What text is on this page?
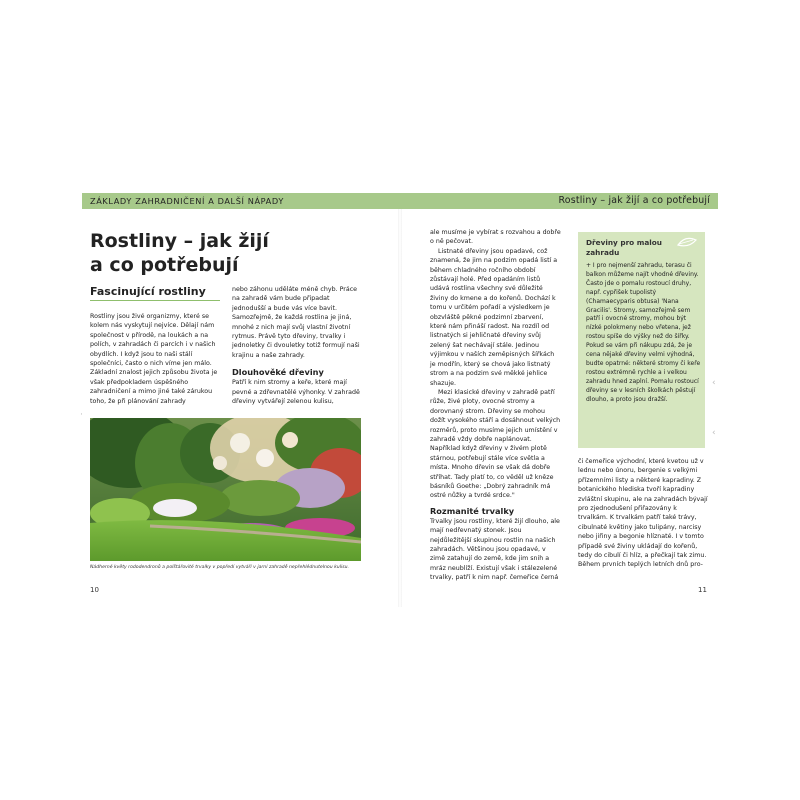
ZÁKLADY ZAHRADNIČENÍ A DALŠÍ NÁPADY	Rostliny – jak žijí a co potřebují
Rostliny – jak žijí
a co potřebují
Fascinující rostliny

Rostliny jsou živé organizmy, které se kolem nás vyskytují nejvíce. Dělají nám společnost v přírodě, na loukách a na polích, v zahradách či parcích i v našich obydlích. I když jsou to naši stálí společníci, často o nich víme jen málo. Základní znalost jejich způsobu života je však předpokladem úspěšného zahradničení a mimo jiné také zárukou toho, že při plánování zahrady

nebo záhonu uděláte méně chyb. Práce na zahradě vám bude připadat jednodušší a bude vás více bavit. Samozřejmě, že každá rostlina je jiná, mnohé z nich mají svůj vlastní životní rytmus. Právě tyto dřeviny, trvalky i jednoletky či dvouletky totiž formují naši krajinu a naše zahrady.

Dlouhověké dřeviny

Patří k nim stromy a keře, které mají pevné a zdřevnatělé výhonky. V zahradě dřeviny vytvářejí zelenou kulisu,

Nádherné květy rododendronů a polštářovité trvalky v popředí vytváří v jarní zahradě nepřehlédnutelnou kulisu.
10

ale musíme je vybírat s rozvahou a dobře o ně pečovat.

Listnaté dřeviny jsou opadavé, což znamená, že jim na podzim opadá listí a během chladného ročního období zůstávají holé. Před opadáním listů udává rostlina všechny své důležité živiny do kmene a do kořenů. Dochází k tomu v určitém pořadí a výsledkem je obzvláště pěkné podzimní zbarvení, které nám přináší radost. Na rozdíl od listnatých si jehličnaté dřeviny svůj zelený šat nechávají stále. Jedinou výjimkou v naších zeměpisných šířkách je modřín, který se chová jako listnatý strom a na podzim své měkké jehlice shazuje.

Mezi klasické dřeviny v zahradě patří růže, živé ploty, ovocné stromy a dorovnaný strom. Dřeviny se mohou dožít vysokého stáří a dosáhnout velkých rozměrů, proto musíme jejich umístění v zahradě vždy dobře naplánovat. Například když dřeviny v živém plotě stárnou, potřebují stále více světla a místa. Mnoho dřevin se však dá dobře stříhat. Tady platí to, co věděl už kněze básníků Goethe: „Dobrý zahradník má ostré nůžky a tvrdé srdce."

Rozmanité trvalky

Trvalky jsou rostliny, které žijí dlouho, ale mají nedřevnatý stonek. Jsou nejdůležitější skupinou rostlin na našich zahradách. Většinou jsou opadavé, v zimě zatahují do země, kde jim snih a mráz neublíží. Existují však i stálezelené trvalky, patří k nim např. čemeřice černá

Dřeviny pro malou
zahradu
+ I pro nejmenší zahradu, terasu či balkon můžeme najít vhodné dřeviny. Často jde o pomalu rostoucí druhy, např. cypřišek tupolistý (Chamaecyparis obtusa) 'Nana Gracilis'. Stromy, samozřejmě sem patří i ovocné stromy, mohou být nízké polokmeny nebo vřetena, jež rostou spíše do výšky než do šířky. Pokud se vám při nákupu zdá, že je cena nějaké dřeviny velmi výhodná, budte opatrné: některé stromy či keře rostou extrémně rychle a i velkou zahradu hned zaplní. Pomalu rostoucí dřeviny se v lesních školkách pěstují dlouho, a proto jsou dražší.

či čemeřice východní, které kvetou už v lednu nebo únoru, bergenie s velkými přízemními listy a některé kapradiny. Z botanického hlediska tvoří kapradiny zvláštní skupinu, ale na zahradách bývají pro zjednodušení přiřazovány k trvalkám. K trvalkám patří také trávy, cibulnaté květiny jako tulipány, narcisy nebo jiřiny a begonie hlíznaté. I v tomto případě své živiny ukládají do kořenů, tedy do cibulí či hlíz, a přečkají tak zimu. Během prvních teplých letních dnů pro-

11
‹
‹
·
